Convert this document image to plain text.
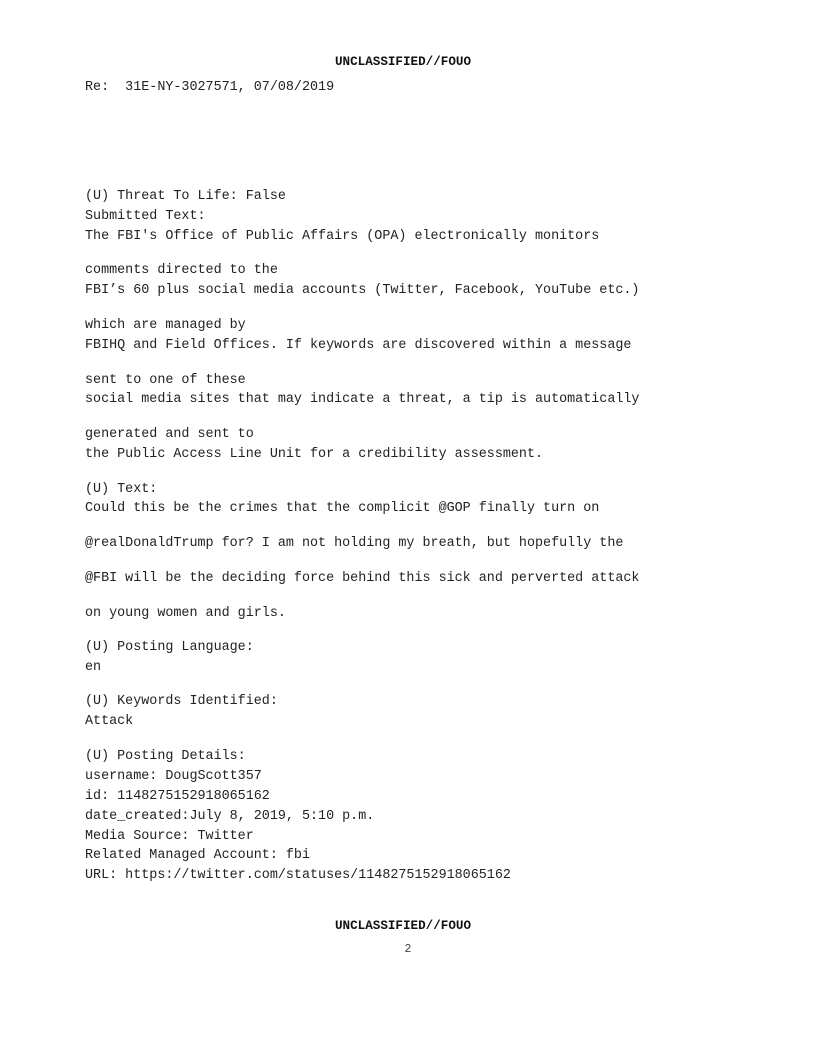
UNCLASSIFIED//FOUO
Re:  31E-NY-3027571, 07/08/2019
(U) Threat To Life: False
Submitted Text:
The FBI's Office of Public Affairs (OPA) electronically monitors
comments directed to the
FBI’s 60 plus social media accounts (Twitter, Facebook, YouTube etc.)
which are managed by
FBIHQ and Field Offices. If keywords are discovered within a message
sent to one of these
social media sites that may indicate a threat, a tip is automatically
generated and sent to
the Public Access Line Unit for a credibility assessment.
(U) Text:
Could this be the crimes that the complicit @GOP finally turn on
@realDonaldTrump for? I am not holding my breath, but hopefully the
@FBI will be the deciding force behind this sick and perverted attack
on young women and girls.
(U) Posting Language:
en
(U) Keywords Identified:
Attack
(U) Posting Details:
username: DougScott357
id: 1148275152918065162
date_created:July 8, 2019, 5:10 p.m.
Media Source: Twitter
Related Managed Account: fbi
URL: https://twitter.com/statuses/1148275152918065162
UNCLASSIFIED//FOUO
2
